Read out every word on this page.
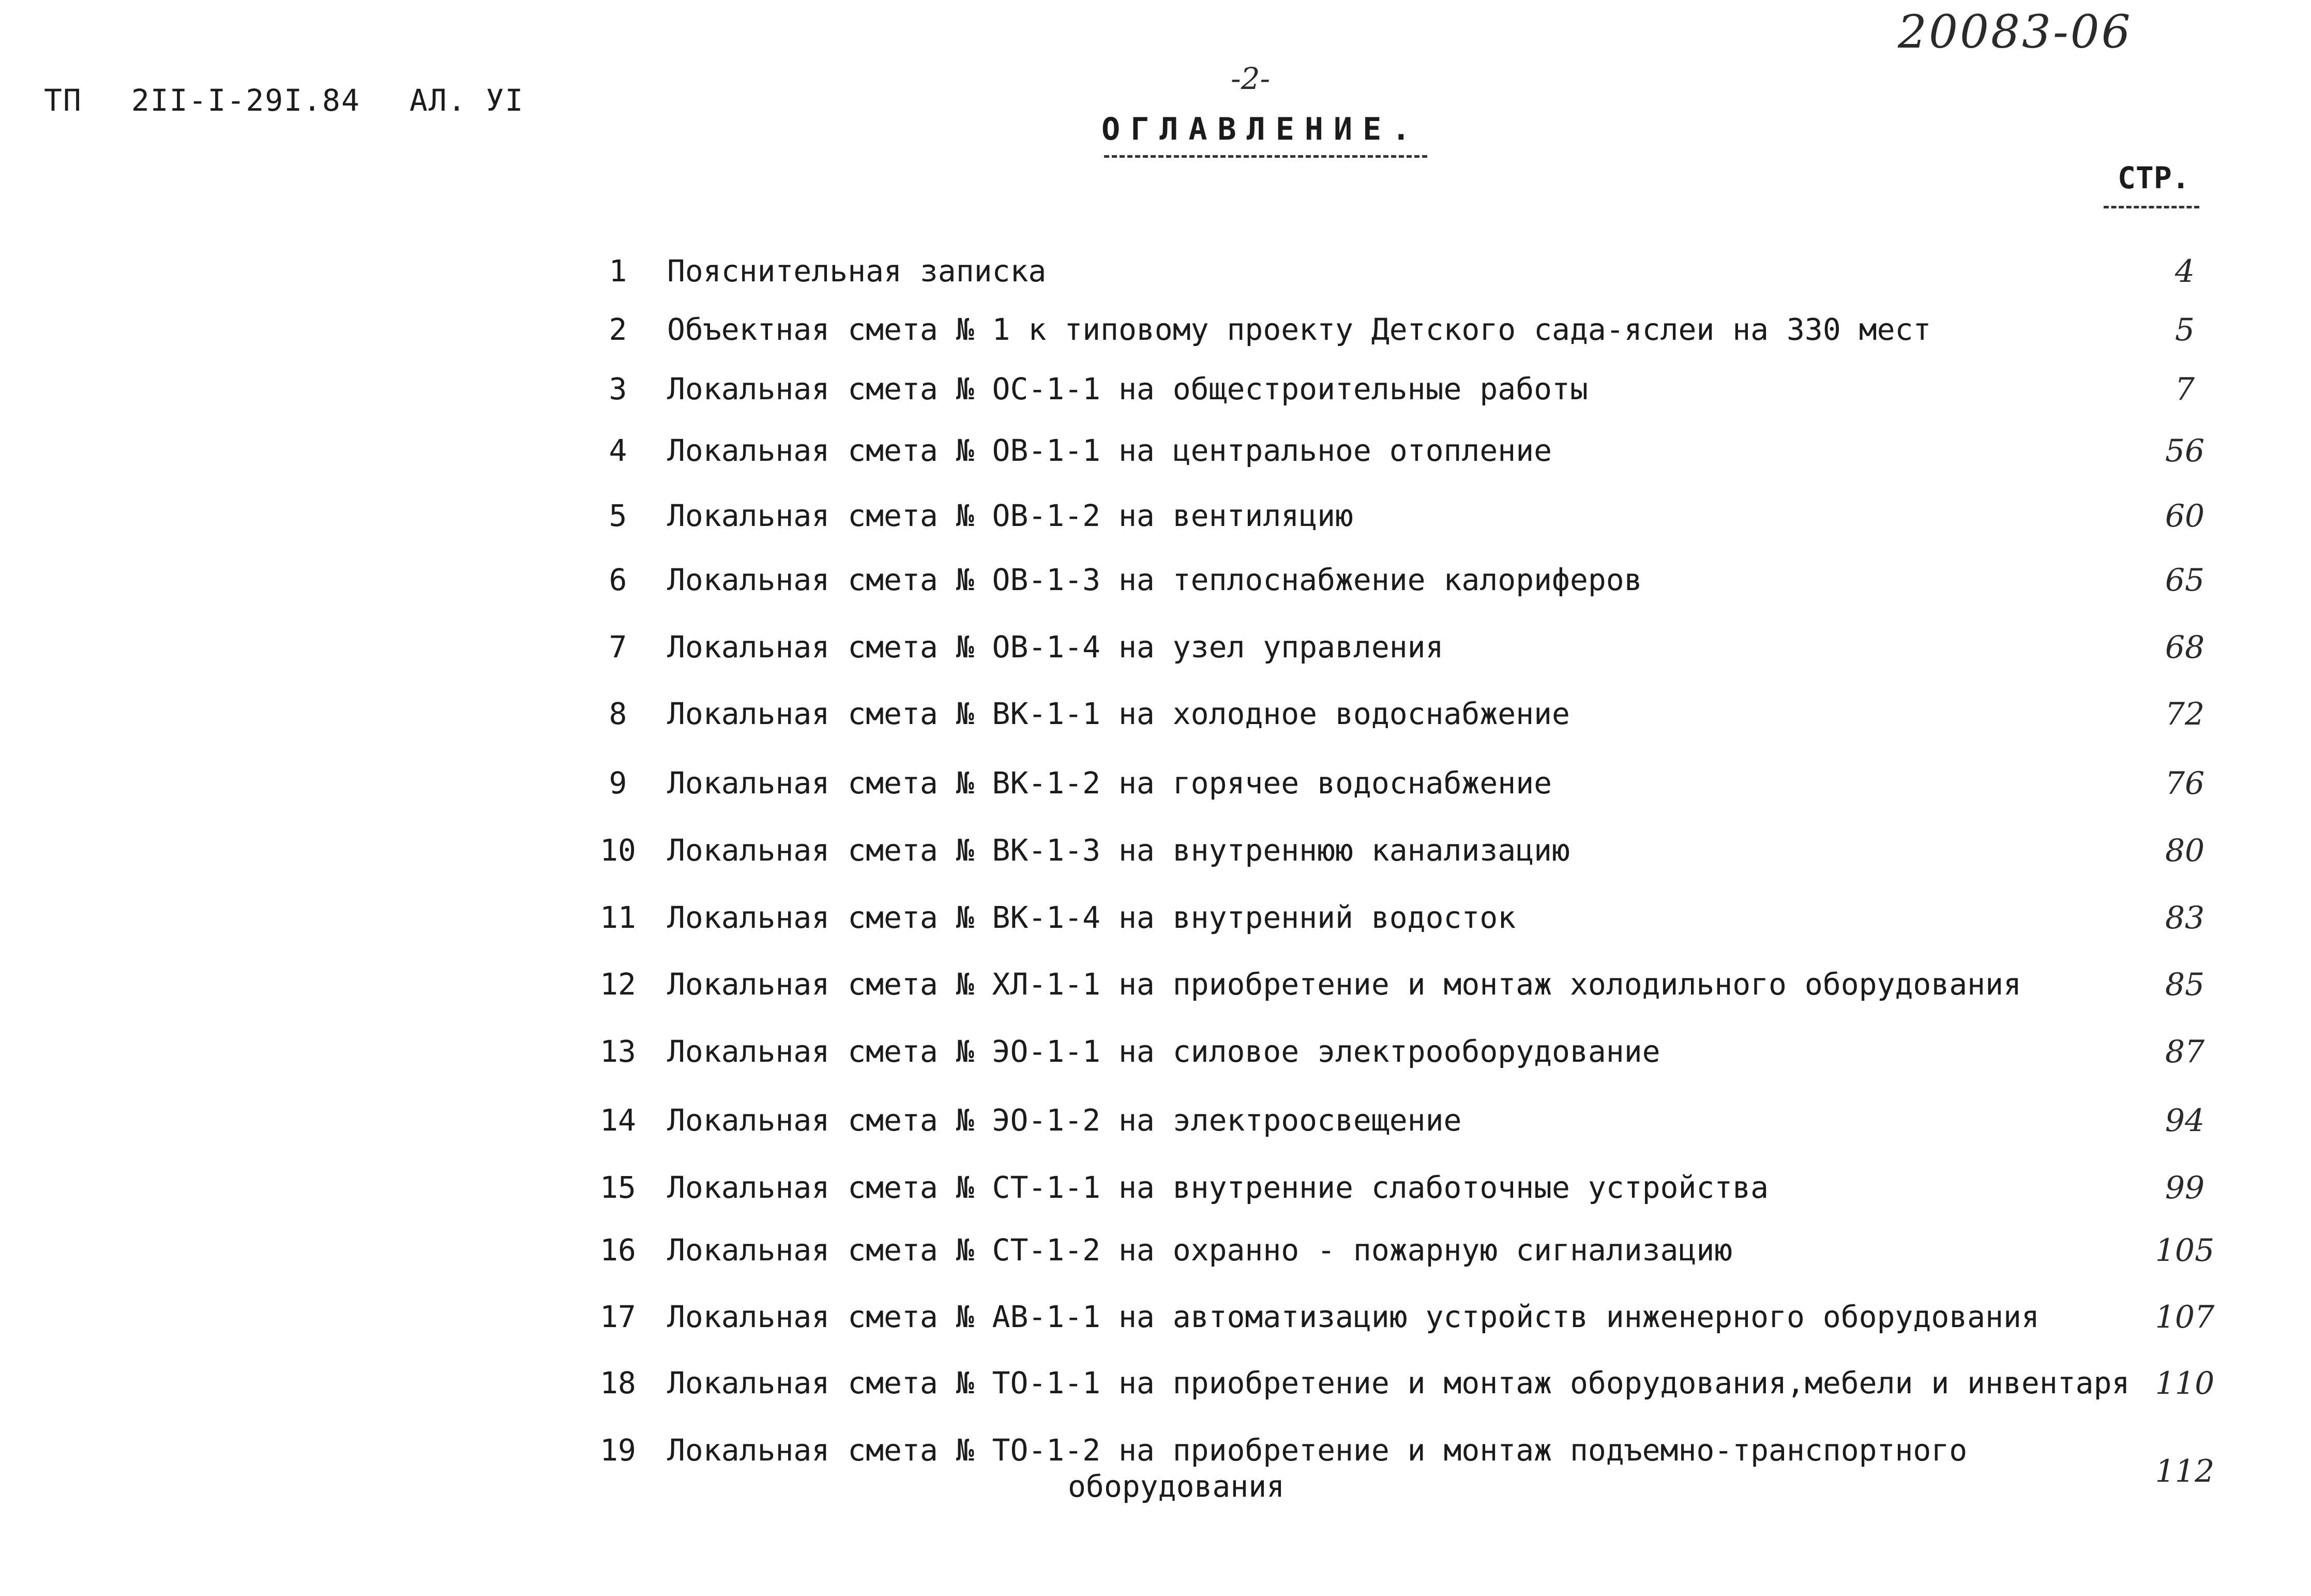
ТП 2II-I-29I.84 АЛ. УI
-2-
20083-06
ОГЛАВЛЕНИЕ.
СТР.
1	Пояснительная записка	4
2	Объектная смета № 1 к типовому проекту Детского сада-яслеи на 330 мест	5
3	Локальная смета № ОС-1-1 на общестроительные работы	7
4	Локальная смета № ОВ-1-1 на центральное отопление	56
5	Локальная смета № ОВ-1-2 на вентиляцию	60
6	Локальная смета № ОВ-1-3 на теплоснабжение калориферов	65
7	Локальная смета № ОВ-1-4 на узел управления	68
8	Локальная смета № ВК-1-1 на холодное водоснабжение	72
9	Локальная смета № ВК-1-2 на горячее водоснабжение	76
10 Локальная смета № ВК-1-3 на внутреннюю канализацию	80
11 Локальная смета № ВК-1-4 на внутренний водосток	83
12 Локальная смета № ХЛ-1-1 на приобретение и монтаж холодильного оборудования	85
13 Локальная смета № ЭО-1-1 на силовое электрооборудование	87
14 Локальная смета № ЭО-1-2 на электроосвещение	94
15 Локальная смета № СТ-1-1 на внутренние слаботочные устройства	99
16 Локальная смета № СТ-1-2 на охранно - пожарную сигнализацию	105
17 Локальная смета № АВ-1-1 на автоматизацию устройств инженерного оборудования	107
18 Локальная смета № ТО-1-1 на приобретение и монтаж оборудования,мебели и инвентаря 110
19 Локальная смета № ТО-1-2 на приобретение и монтаж подъемно-транспортного
оборудования	112
